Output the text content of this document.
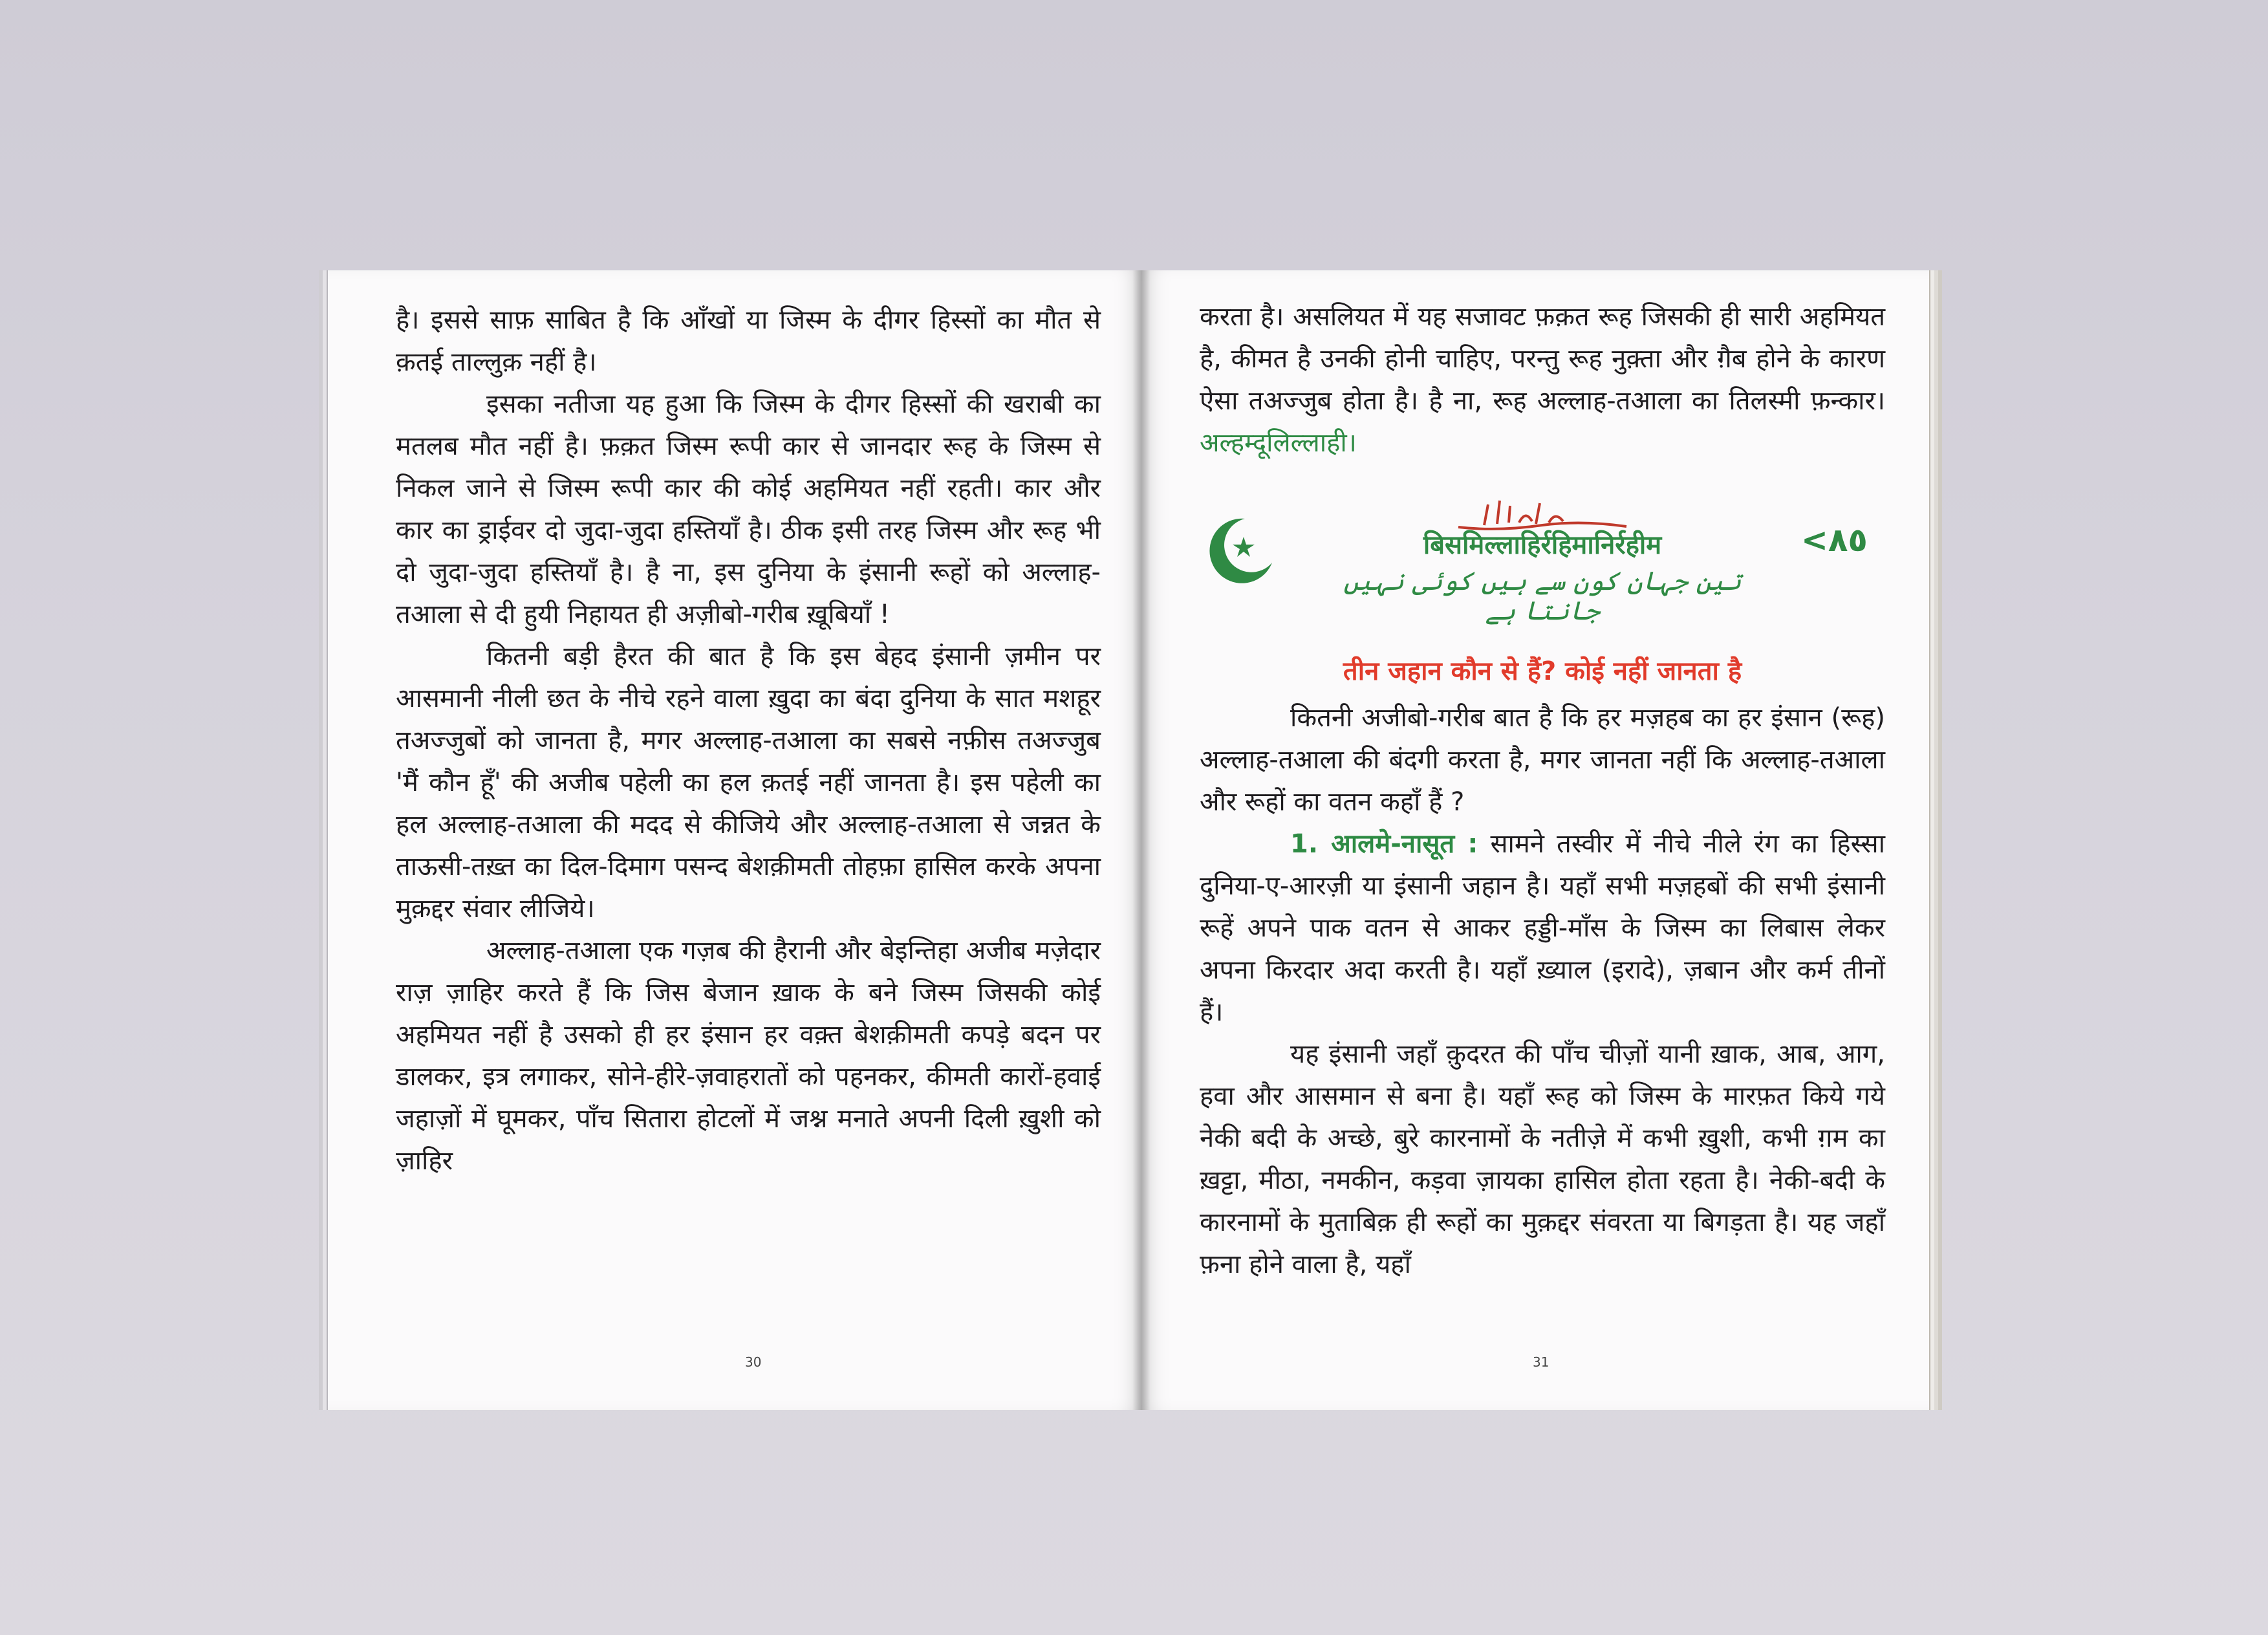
है। इससे साफ़ साबित है कि आँखों या जिस्म के दीगर हिस्सों का मौत से क़तई ताल्लुक़ नहीं है।

इसका नतीजा यह हुआ कि जिस्म के दीगर हिस्सों की खराबी का मतलब मौत नहीं है। फ़क़त जिस्म रूपी कार से जानदार रूह के जिस्म से निकल जाने से जिस्म रूपी कार की कोई अहमियत नहीं रहती। कार और कार का ड्राईवर दो जुदा-जुदा हस्तियाँ है। ठीक इसी तरह जिस्म और रूह भी दो जुदा-जुदा हस्तियाँ है। है ना, इस दुनिया के इंसानी रूहों को अल्लाह-तआला से दी हुयी निहायत ही अज़ीबो-गरीब ख़ूबियाँ !

कितनी बड़ी हैरत की बात है कि इस बेहद इंसानी ज़मीन पर आसमानी नीली छत के नीचे रहने वाला ख़ुदा का बंदा दुनिया के सात मशहूर तअज्जुबों को जानता है, मगर अल्लाह-तआला का सबसे नफ़ीस तअज्जुब 'मैं कौन हूँ' की अजीब पहेली का हल क़तई नहीं जानता है। इस पहेली का हल अल्लाह-तआला की मदद से कीजिये और अल्लाह-तआला से जन्नत के ताऊसी-तख़्त का दिल-दिमाग पसन्द बेशक़ीमती तोहफ़ा हासिल करके अपना मुक़द्दर संवार लीजिये।

अल्लाह-तआला एक गज़ब की हैरानी और बेइन्तिहा अजीब मज़ेदार राज़ ज़ाहिर करते हैं कि जिस बेजान ख़ाक के बने जिस्म जिसकी कोई अहमियत नहीं है उसको ही हर इंसान हर वक़्त बेशक़ीमती कपड़े बदन पर डालकर, इत्र लगाकर, सोने-हीरे-ज़वाहरातों को पहनकर, कीमती कारों-हवाई जहाज़ों में घूमकर, पाँच सितारा होटलों में जश्न मनाते अपनी दिली ख़ुशी को ज़ाहिर

30

करता है। असलियत में यह सजावट फ़क़त रूह जिसकी ही सारी अहमियत है, कीमत है उनकी होनी चाहिए, परन्तु रूह नुक़्ता और ग़ैब होने के कारण ऐसा तअज्जुब होता है। है ना, रूह अल्लाह-तआला का तिलस्मी फ़न्कार। अल्हम्दूलिल्लाही।

बिसमिल्लाहिर्रहिमानिर्रहीम	<٨٥
تین جہان کون سے ہیں کوئی نہیں جانتا ہے
तीन जहान कौन से हैं? कोई नहीं जानता है

कितनी अजीबो-गरीब बात है कि हर मज़हब का हर इंसान (रूह) अल्लाह-तआला की बंदगी करता है, मगर जानता नहीं कि अल्लाह-तआला और रूहों का वतन कहाँ हैं ?

1. आलमे-नासूत : सामने तस्वीर में नीचे नीले रंग का हिस्सा दुनिया-ए-आरज़ी या इंसानी जहान है। यहाँ सभी मज़हबों की सभी इंसानी रूहें अपने पाक वतन से आकर हड्डी-माँस के जिस्म का लिबास लेकर अपना किरदार अदा करती है। यहाँ ख़्याल (इरादे), ज़बान और कर्म तीनों हैं।

यह इंसानी जहाँ क़ुदरत की पाँच चीज़ों यानी ख़ाक, आब, आग, हवा और आसमान से बना है। यहाँ रूह को जिस्म के मारफ़त किये गये नेकी बदी के अच्छे, बुरे कारनामों के नतीज़े में कभी ख़ुशी, कभी ग़म का ख़ट्टा, मीठा, नमकीन, कड़वा ज़ायका हासिल होता रहता है। नेकी-बदी के कारनामों के मुताबिक़ ही रूहों का मुक़द्दर संवरता या बिगड़ता है। यह जहाँ फ़ना होने वाला है, यहाँ

31
